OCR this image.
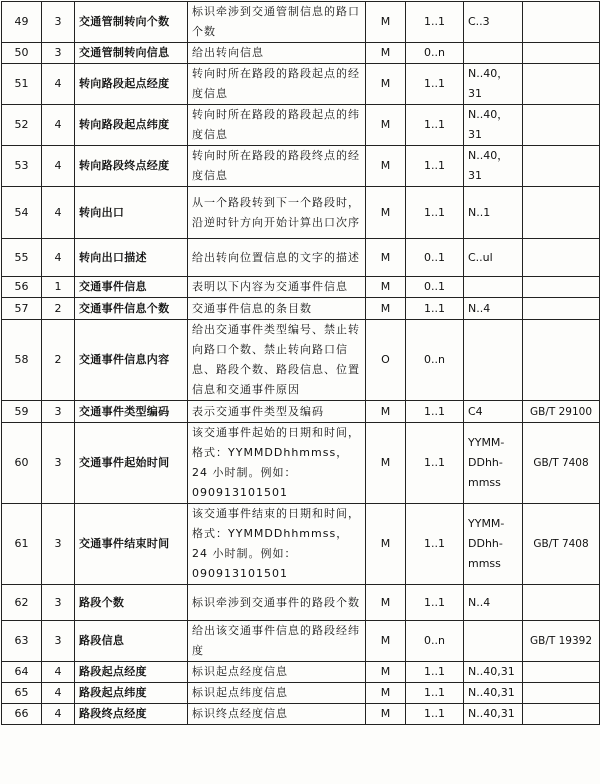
49	3	交通管制转向个数	标识牵涉到交通管制信息的路口个数	M	1..1	C..3	
50	3	交通管制转向信息	给出转向信息	M	0..n		
51	4	转向路段起点经度	转向时所在路段的路段起点的经度信息	M	1..1	N..40，31	
52	4	转向路段起点纬度	转向时所在路段的路段起点的纬度信息	M	1..1	N..40，31	
53	4	转向路段终点经度	转向时所在路段的路段终点的经度信息	M	1..1	N..40，31	
54	4	转向出口	从一个路段转到下一个路段时，沿逆时针方向开始计算出口次序	M	1..1	N..1	
55	4	转向出口描述	给出转向位置信息的文字的描述	M	0..1	C..ul	
56	1	交通事件信息	表明以下内容为交通事件信息	M	0..1		
57	2	交通事件信息个数	交通事件信息的条目数	M	1..1	N..4	
58	2	交通事件信息内容	给出交通事件类型编号、禁止转向路口个数、禁止转向路口信息、路段个数、路段信息、位置信息和交通事件原因	O	0..n		
59	3	交通事件类型编码	表示交通事件类型及编码	M	1..1	C4	GB/T 29100
60	3	交通事件起始时间	该交通事件起始的日期和时间，格式：YYMMDDhhmmss，24 小时制。例如：090913101501	M	1..1	YYMM-DDhh-mmss	GB/T 7408
61	3	交通事件结束时间	该交通事件结束的日期和时间，格式：YYMMDDhhmmss，24 小时制。例如：090913101501	M	1..1	YYMM-DDhh-mmss	GB/T 7408
62	3	路段个数	标识牵涉到交通事件的路段个数	M	1..1	N..4	
63	3	路段信息	给出该交通事件信息的路段经纬度	M	0..n		GB/T 19392
64	4	路段起点经度	标识起点经度信息	M	1..1	N..40,31	
65	4	路段起点纬度	标识起点纬度信息	M	1..1	N..40,31	
66	4	路段终点经度	标识终点经度信息	M	1..1	N..40,31	
